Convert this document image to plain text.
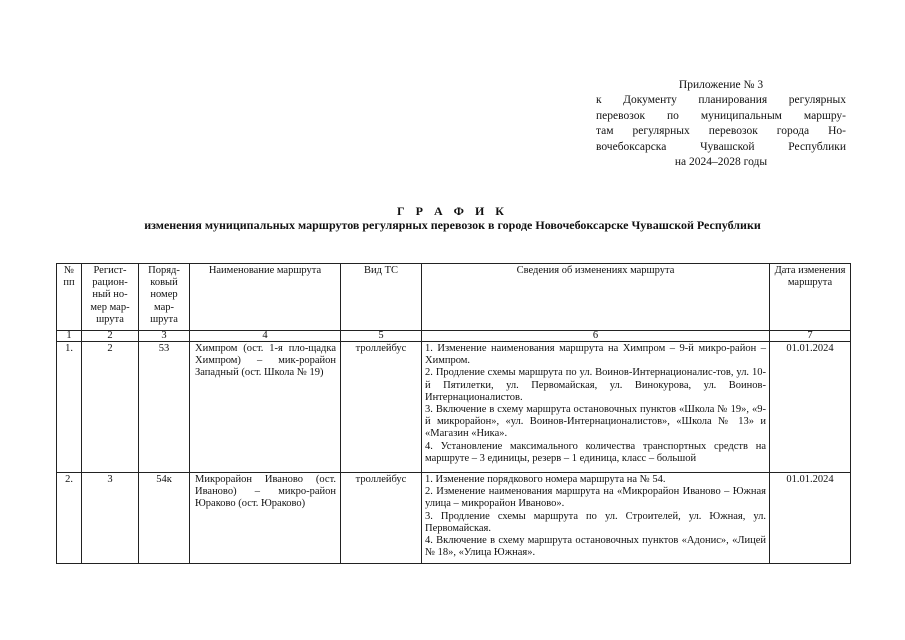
Приложение № 3
к Документу планирования регулярных
перевозок по муниципальным маршру-
там регулярных перевозок города Но-
вочебоксарска Чувашской Республики
на 2024–2028 годы
Г Р А Ф И К
изменения муниципальных маршрутов регулярных перевозок в городе Новочебоксарске Чувашской Республики
№ пп	Регист-рацион-ный но-мер мар-шрута	Поряд-ковый номер мар-шрута	Наименование маршрута	Вид ТС	Сведения об изменениях маршрута	Дата изменения маршрута
1	2	3	4	5	6	7
1.	2	53	Химпром (ост. 1-я пло-щадка Химпром) – мик-рорайон Западный (ост. Школа № 19)	троллейбус	1. Изменение наименования маршрута на Химпром – 9-й микро-район – Химпром.

2. Продление схемы маршрута по ул. Воинов-Интернационалис-тов, ул. 10-й Пятилетки, ул. Первомайская, ул. Винокурова, ул. Воинов-Интернационалистов.

3. Включение в схему маршрута остановочных пунктов «Школа № 19», «9-й микрорайон», «ул. Воинов-Интернационалистов», «Школа № 13» и «Магазин «Ника».

4. Установление максимального количества транспортных средств на маршруте – 3 единицы, резерв – 1 единица, класс – большой	01.01.2024
2.	3	54к	Микрорайон Иваново (ост. Иваново) – микро-район Юраково (ост. Юраково)	троллейбус	1. Изменение порядкового номера маршрута на № 54.

2. Изменение наименования маршрута на «Микрорайон Иваново – Южная улица – микрорайон Иваново».

3. Продление схемы маршрута по ул. Строителей, ул. Южная, ул. Первомайская.

4. Включение в схему маршрута остановочных пунктов «Адонис», «Лицей № 18», «Улица Южная».	01.01.2024
